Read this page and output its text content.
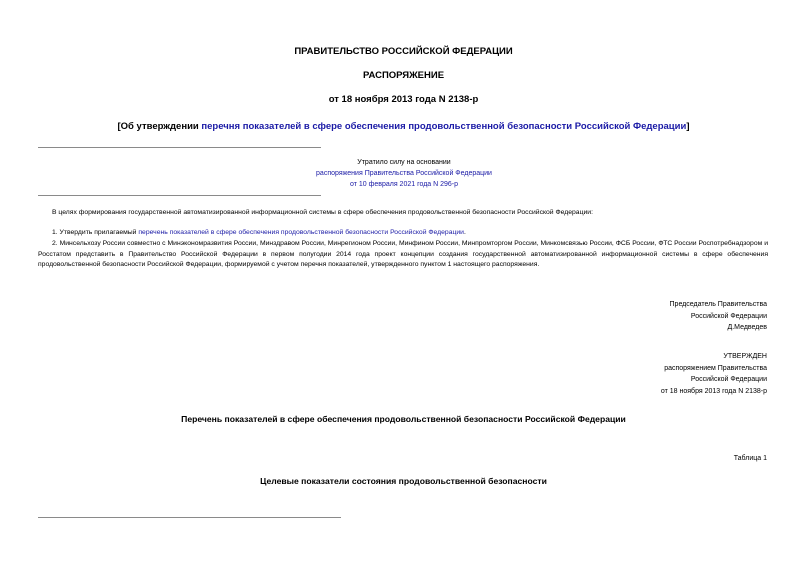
ПРАВИТЕЛЬСТВО РОССИЙСКОЙ ФЕДЕРАЦИИ
РАСПОРЯЖЕНИЕ
от 18 ноября 2013 года N 2138-р
[Об утверждении перечня показателей в сфере обеспечения продовольственной безопасности Российской Федерации]
Утратило силу на основании
распоряжения Правительства Российской Федерации
от 10 февраля 2021 года N 296-р
В целях формирования государственной автоматизированной информационной системы в сфере обеспечения продовольственной безопасности Российской Федерации:
1. Утвердить прилагаемый перечень показателей в сфере обеспечения продовольственной безопасности Российской Федерации.
2. Минсельхозу России совместно с Минэкономразвития России, Минздравом России, Минрегионом России, Минфином России, Минпромторгом России, Минкомсвязью России, ФСБ России, ФТС России Роспотребнадзором и Росстатом представить в Правительство Российской Федерации в первом полугодии 2014 года проект концепции создания государственной автоматизированной информационной системы в сфере обеспечения продовольственной безопасности Российской Федерации, формируемой с учетом перечня показателей, утвержденного пунктом 1 настоящего распоряжения.
Председатель Правительства
Российской Федерации
Д.Медведев
УТВЕРЖДЕН
распоряжением Правительства
Российской Федерации
от 18 ноября 2013 года N 2138-р
Перечень показателей в сфере обеспечения продовольственной безопасности Российской Федерации
Таблица 1
Целевые показатели состояния продовольственной безопасности
